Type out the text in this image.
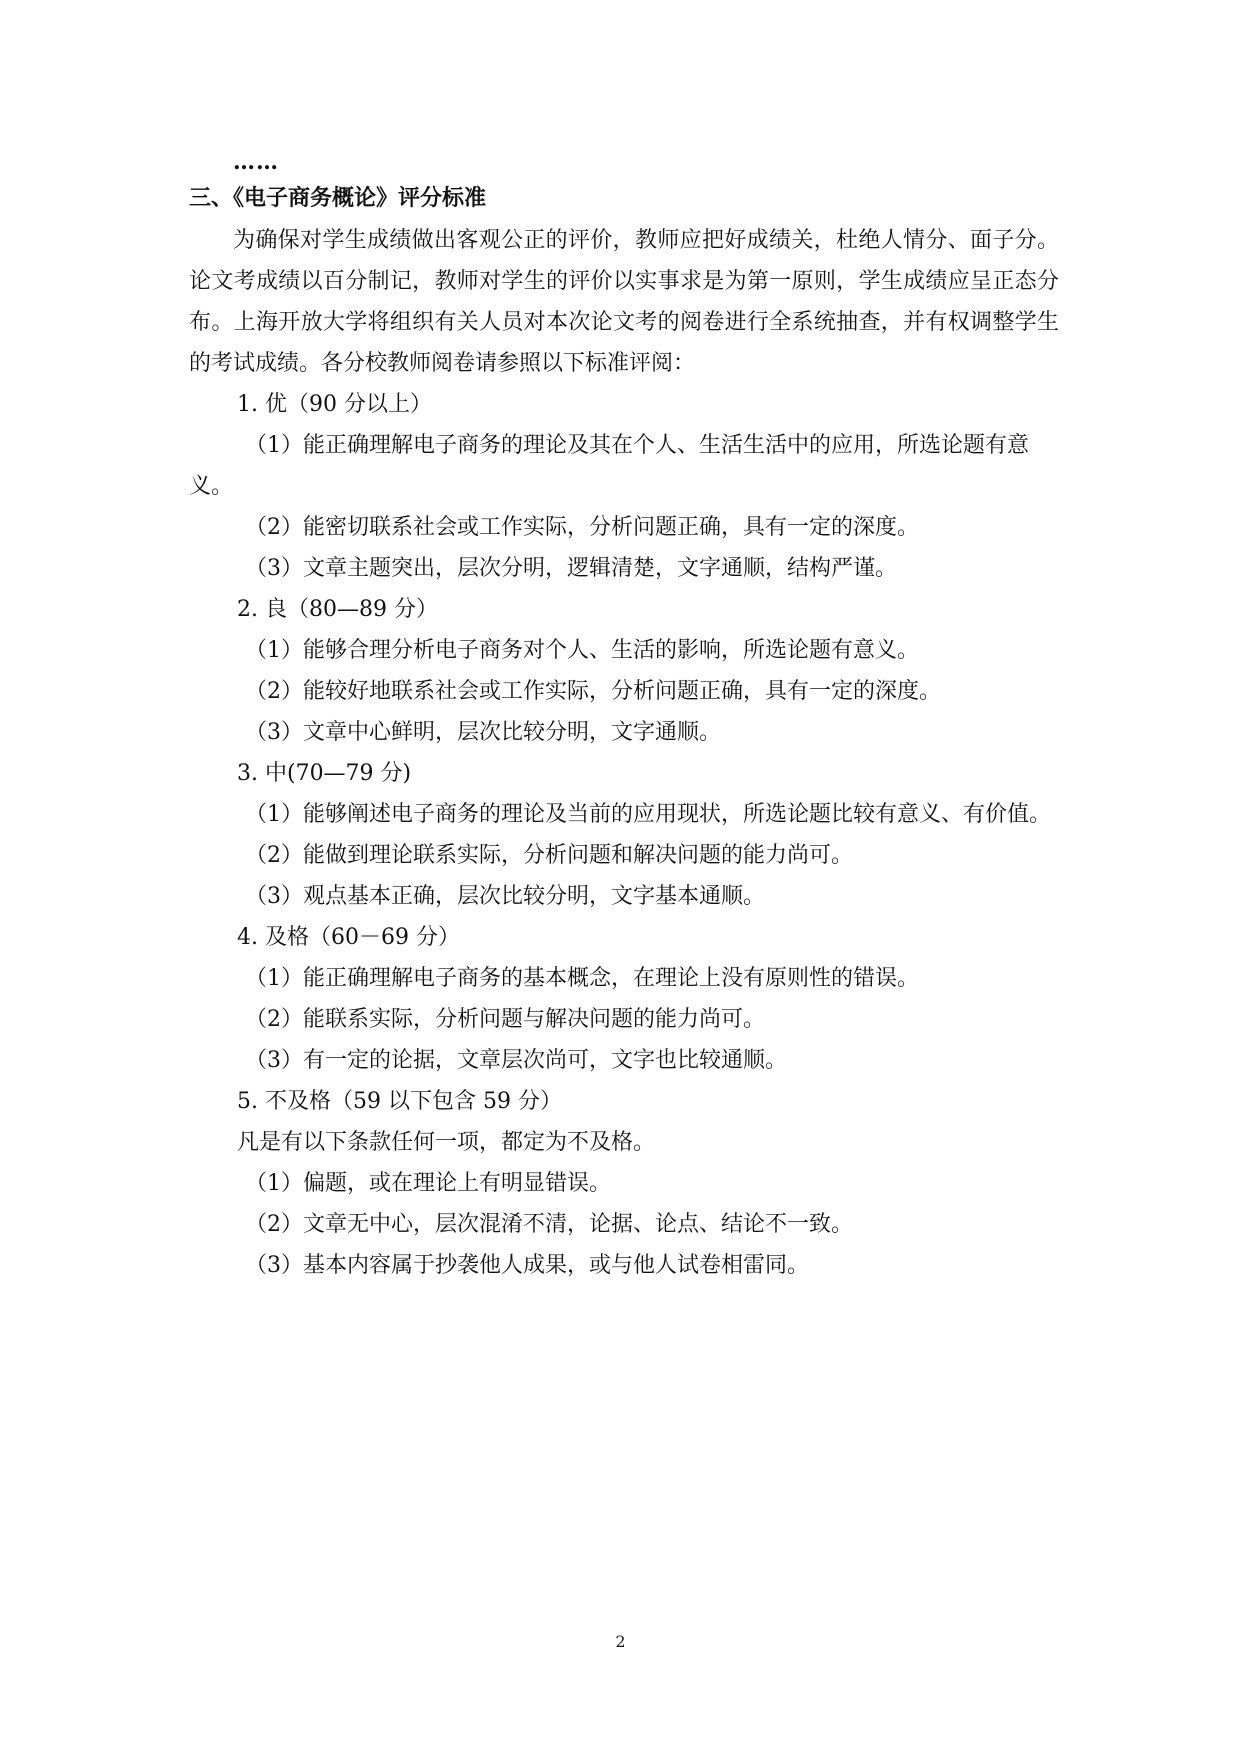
……
三、《电子商务概论》评分标准

为确保对学生成绩做出客观公正的评价，教师应把好成绩关，杜绝人情分、面子分。论文考成绩以百分制记，教师对学生的评价以实事求是为第一原则，学生成绩应呈正态分布。上海开放大学将组织有关人员对本次论文考的阅卷进行全系统抽查，并有权调整学生的考试成绩。各分校教师阅卷请参照以下标准评阅：

1. 优（90 分以上）

（1）能正确理解电子商务的理论及其在个人、生活生活中的应用，所选论题有意义。

（2）能密切联系社会或工作实际，分析问题正确，具有一定的深度。

（3）文章主题突出，层次分明，逻辑清楚，文字通顺，结构严谨。

2. 良（80—89 分）

（1）能够合理分析电子商务对个人、生活的影响，所选论题有意义。

（2）能较好地联系社会或工作实际，分析问题正确，具有一定的深度。

（3）文章中心鲜明，层次比较分明，文字通顺。

3. 中(70—79 分)

（1）能够阐述电子商务的理论及当前的应用现状，所选论题比较有意义、有价值。

（2）能做到理论联系实际，分析问题和解决问题的能力尚可。

（3）观点基本正确，层次比较分明，文字基本通顺。

4. 及格（60－69 分）

（1）能正确理解电子商务的基本概念，在理论上没有原则性的错误。

（2）能联系实际，分析问题与解决问题的能力尚可。

（3）有一定的论据，文章层次尚可，文字也比较通顺。

5. 不及格（59 以下包含 59 分）

凡是有以下条款任何一项，都定为不及格。

（1）偏题，或在理论上有明显错误。

（2）文章无中心，层次混淆不清，论据、论点、结论不一致。

（3）基本内容属于抄袭他人成果，或与他人试卷相雷同。

2
